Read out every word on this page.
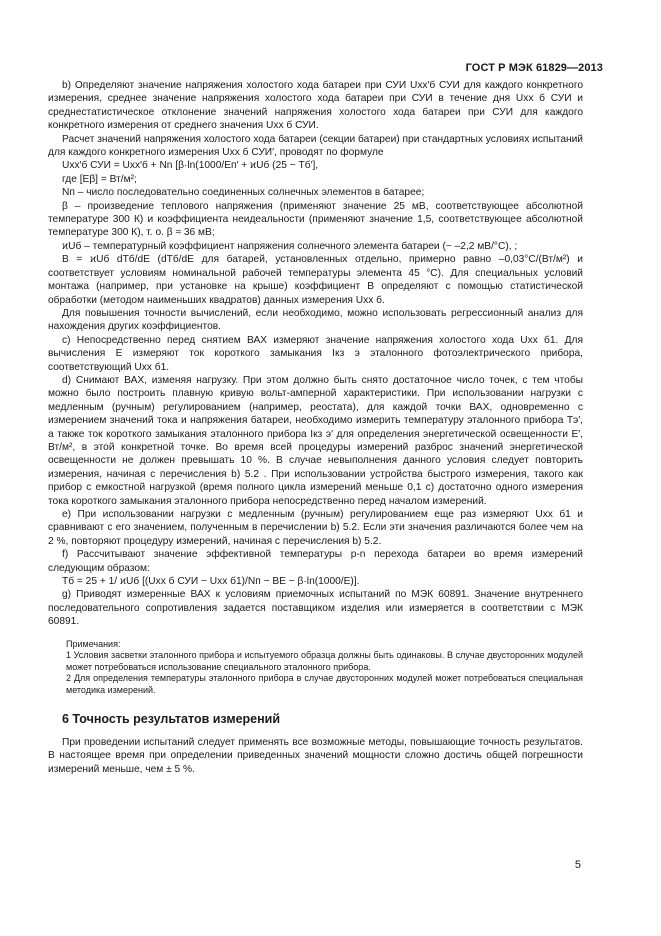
ГОСТ Р МЭК 61829—2013

b) Определяют значение напряжения холостого хода батареи при СУИ Uхх′б СУИ для каждого конкретного измерения, среднее значение напряжения холостого хода батареи при СУИ в течение дня Uхх б СУИ и среднестатистическое отклонение значений напряжения холостого хода батареи при СУИ для каждого конкретного измерения от среднего значения Uхх б СУИ.

Расчет значений напряжения холостого хода батареи (секции батареи) при стандартных условиях испытаний для каждого конкретного измерения Uхх б СУИ′, проводят по формуле

Uхх′б СУИ = Uхх′б + Nn [β·ln(1000/Eп′ + ϰUб (25 − Tб′],

где [Eβ] = Вт/м²;

Nп – число последовательно соединенных солнечных элементов в батарее;

β – произведение теплового напряжения (применяют значение 25 мВ, соответствующее абсолютной температуре 300 К) и коэффициента неидеальности (применяют значение 1,5, соответствующее абсолютной температуре 300 К), т. о. β ≈ 36 мВ;

ϰUб – температурный коэффициент напряжения солнечного элемента батареи (~ –2,2 мВ/°С), ;

B = ϰUб dTб/dE (dTб/dE для батарей, установленных отдельно, примерно равно –0,03°С/(Вт/м²) и соответствует условиям номинальной рабочей температуры элемента 45 °С). Для специальных условий монтажа (например, при установке на крыше) коэффициент B определяют с помощью статистической обработки (методом наименьших квадратов) данных измерения Uхх б.

Для повышения точности вычислений, если необходимо, можно использовать регрессионный анализ для нахождения других коэффициентов.

c) Непосредственно перед снятием ВАХ измеряют значение напряжения холостого хода Uхх б1. Для вычисления E измеряют ток короткого замыкания Iкз э эталонного фотоэлектрического прибора, соответствующий Uхх б1.

d) Снимают ВАХ, изменяя нагрузку. При этом должно быть снято достаточное число точек, с тем чтобы можно было построить плавную кривую вольт-амперной характеристики. При использовании нагрузки с медленным (ручным) регулированием (например, реостата), для каждой точки ВАХ, одновременно с измерением значений тока и напряжения батареи, необходимо измерить температуру эталонного прибора Tэ′, а также ток короткого замыкания эталонного прибора Iкз э′ для определения энергетической освещенности E′, Вт/м², в этой конкретной точке. Во время всей процедуры измерений разброс значений энергетической освещенности не должен превышать 10 %. В случае невыполнения данного условия следует повторить измерения, начиная с перечисления b) 5.2 . При использовании устройства быстрого измерения, такого как прибор с емкостной нагрузкой (время полного цикла измерений меньше 0,1 с) достаточно одного измерения тока короткого замыкания эталонного прибора непосредственно перед началом измерений.

e) При использовании нагрузки с медленным (ручным) регулированием еще раз измеряют Uхх б1 и сравнивают с его значением, полученным в перечислении b) 5.2. Если эти значения различаются более чем на 2 %, повторяют процедуру измерений, начиная с перечисления b) 5.2.

f) Рассчитывают значение эффективной температуры p-n перехода батареи во время измерений следующим образом:

Tб = 25 + 1/ ϰUб [(Uхх б СУИ − Uхх б1)/Nп − BE − β·ln(1000/E)].

g) Приводят измеренные ВАХ к условиям приемочных испытаний по МЭК 60891. Значение внутреннего последовательного сопротивления задается поставщиком изделия или измеряется в соответствии с МЭК 60891.

Примечания:

1 Условия засветки эталонного прибора и испытуемого образца должны быть одинаковы. В случае двусторонних модулей может потребоваться использование специального эталонного прибора.

2 Для определения температуры эталонного прибора в случае двусторонних модулей может потребоваться специальная методика измерений.

6 Точность результатов измерений

При проведении испытаний следует применять все возможные методы, повышающие точность результатов. В настоящее время при определении приведенных значений мощности сложно достичь общей погрешности измерений меньше, чем ± 5 %.

5
